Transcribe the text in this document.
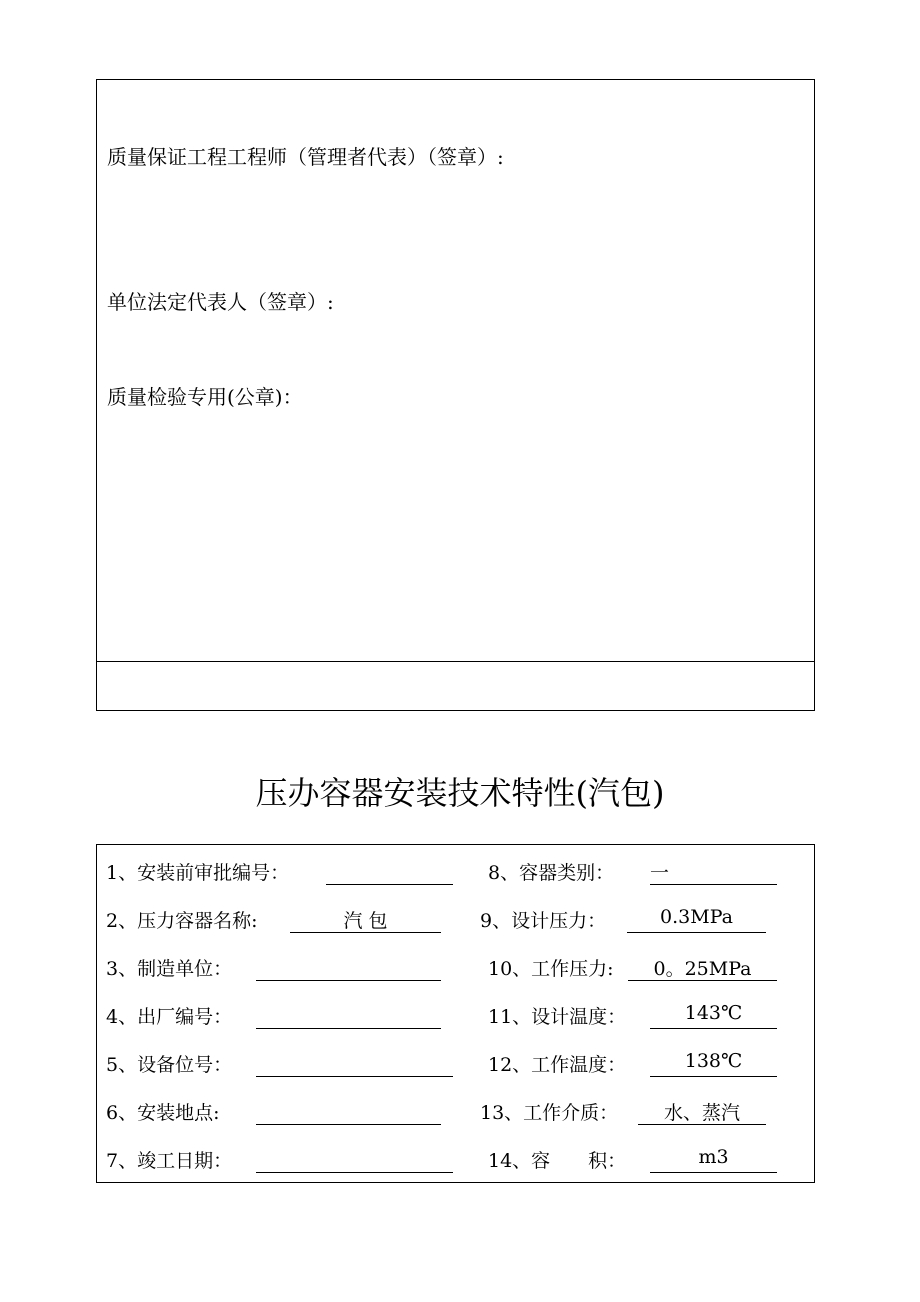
质量保证工程工程师（管理者代表）（签章）:
单位法定代表人（签章）:
质量检验专用(公章)：
压办容器安装技术特性(汽包)
1、安装前审批编号：
2、压力容器名称:	汽 包
3、制造单位：
4、出厂编号：
5、设备位号：
6、安装地点:
7、竣工日期：
8、容器类别： 一
9、设计压力：	0.3MPa
10、工作压力:	0。25MPa
11、设计温度：	143℃
12、工作温度：	138℃
13、工作介质：	水、蒸汽
14、容　　积：	m3
